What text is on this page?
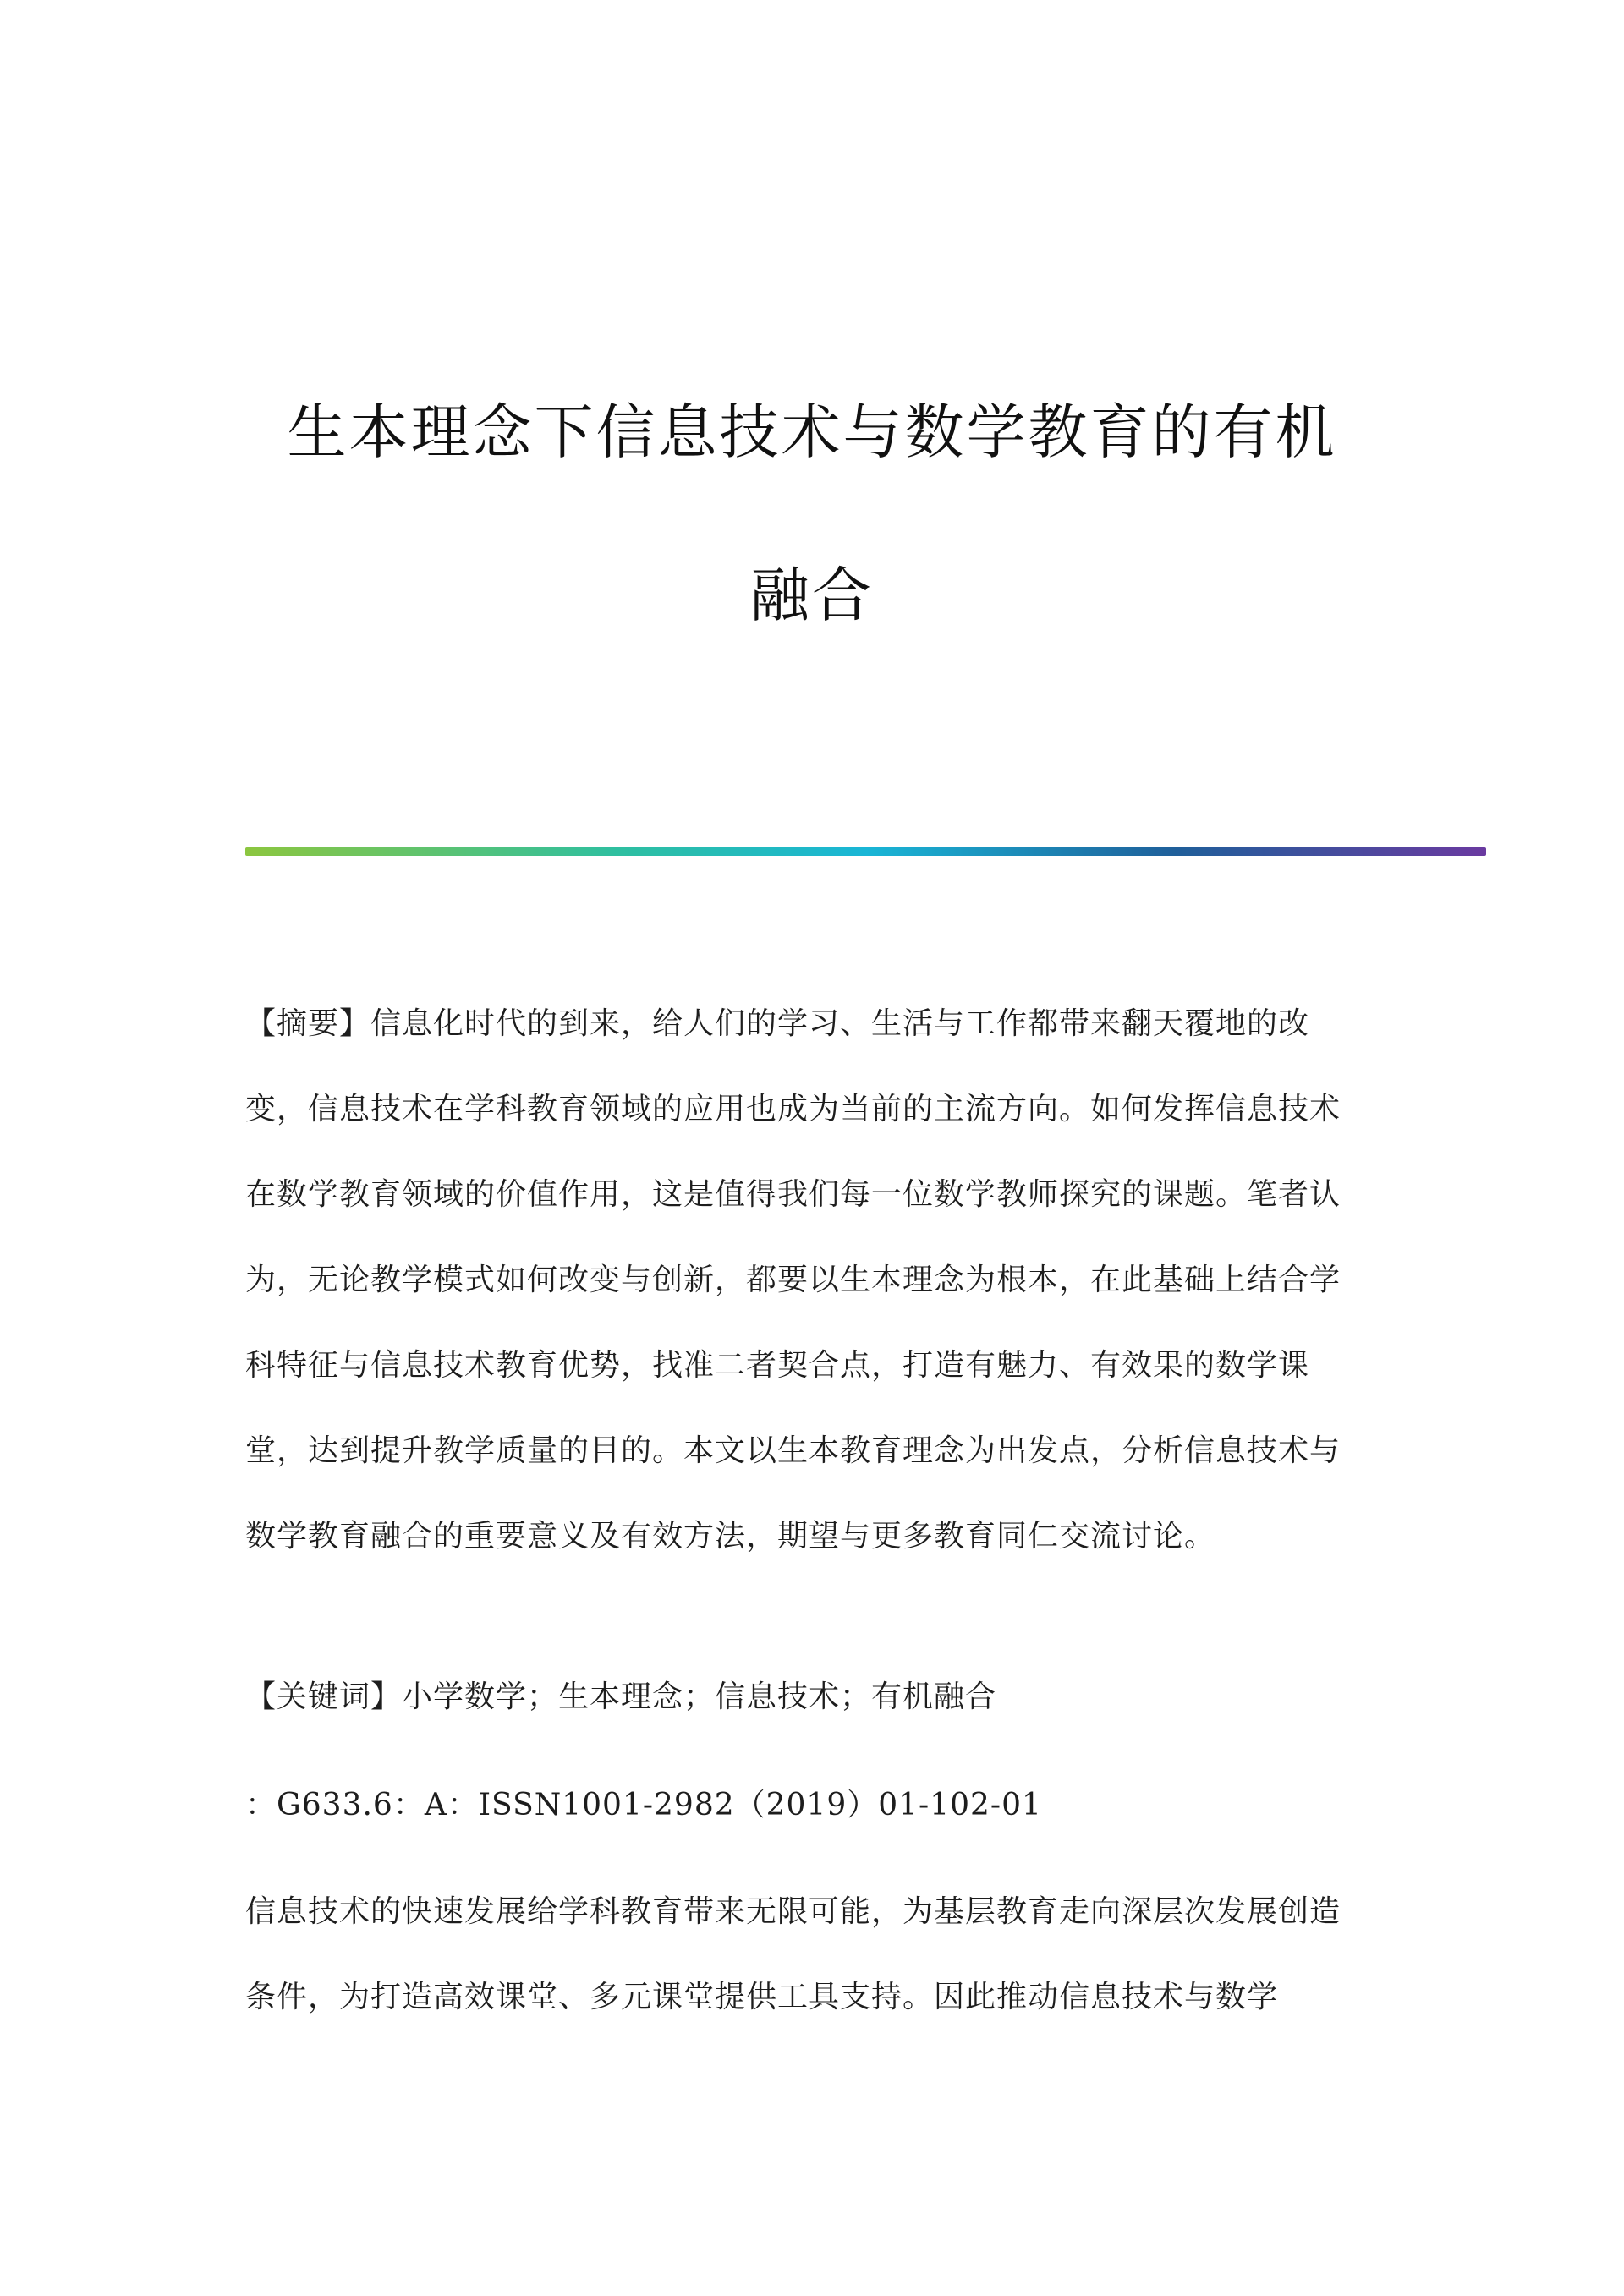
生本理念下信息技术与数学教育的有机
融合

【摘要】信息化时代的到来，给人们的学习、生活与工作都带来翻天覆地的改变，信息技术在学科教育领域的应用也成为当前的主流方向。如何发挥信息技术在数学教育领域的价值作用，这是值得我们每一位数学教师探究的课题。笔者认为，无论教学模式如何改变与创新，都要以生本理念为根本，在此基础上结合学科特征与信息技术教育优势，找准二者契合点，打造有魅力、有效果的数学课堂，达到提升教学质量的目的。本文以生本教育理念为出发点，分析信息技术与数学教育融合的重要意义及有效方法，期望与更多教育同仁交流讨论。

【关键词】小学数学；生本理念；信息技术；有机融合

：G633.6：A：ISSN1001-2982（2019）01-102-01

信息技术的快速发展给学科教育带来无限可能，为基层教育走向深层次发展创造条件，为打造高效课堂、多元课堂提供工具支持。因此推动信息技术与数学
